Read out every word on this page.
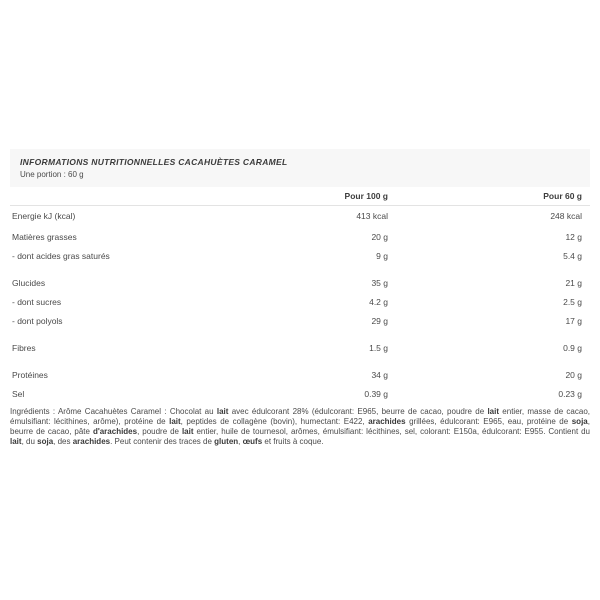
INFORMATIONS NUTRITIONNELLES CACAHUÈTES CARAMEL
Une portion : 60 g
Pour 100 g	Pour 60 g
Energie kJ (kcal)	413 kcal	248 kcal
Matières grasses	20 g	12 g
- dont acides gras saturés	9 g	5.4 g
Glucides	35 g	21 g
- dont sucres	4.2 g	2.5 g
- dont polyols	29 g	17 g
Fibres	1.5 g	0.9 g
Protéines	34 g	20 g
Sel	0.39 g	0.23 g

Ingrédients : Arôme Cacahuètes Caramel : Chocolat au lait avec édulcorant 28% (édulcorant: E965, beurre de cacao, poudre de lait entier, masse de cacao, émulsifiant: lécithines, arôme), protéine de lait, peptides de collagène (bovin), humectant: E422, arachides grillées, édulcorant: E965, eau, protéine de soja, beurre de cacao, pâte d'arachides, poudre de lait entier, huile de tournesol, arômes, émulsifiant: lécithines, sel, colorant: E150a, édulcorant: E955. Contient du lait, du soja, des arachides. Peut contenir des traces de gluten, œufs et fruits à coque.
